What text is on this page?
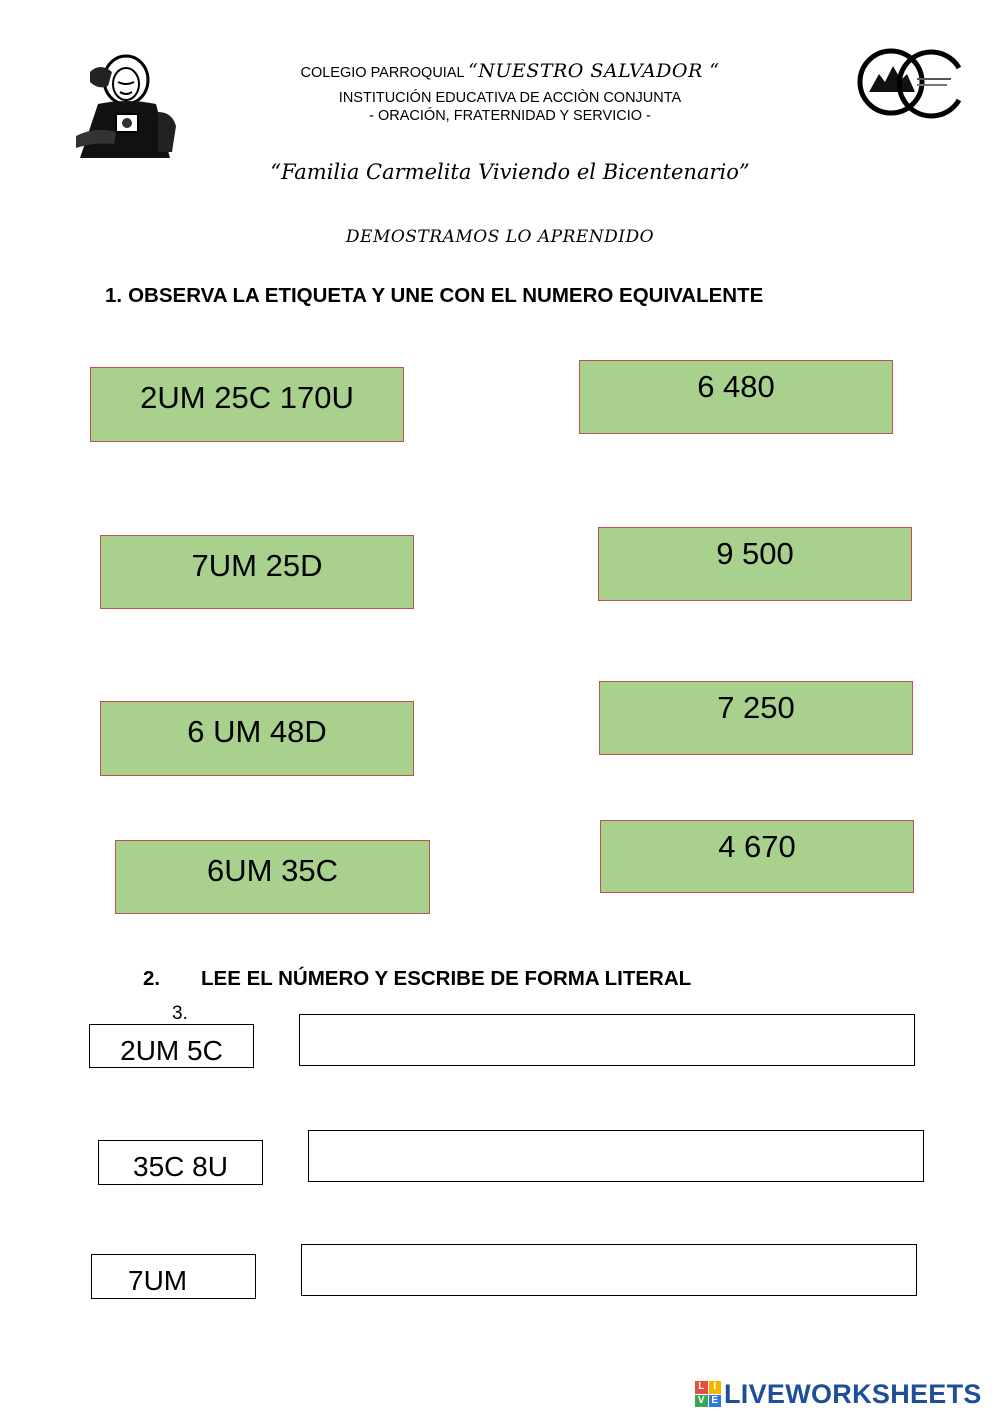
COLEGIO PARROQUIAL “NUESTRO SALVADOR “
INSTITUCIÓN EDUCATIVA DE ACCIÒN CONJUNTA
- ORACIÓN, FRATERNIDAD Y SERVICIO -
“Familia Carmelita Viviendo el Bicentenario”
DEMOSTRAMOS LO APRENDIDO
1. OBSERVA LA ETIQUETA Y UNE CON EL NUMERO EQUIVALENTE
2UM 25C 170U
7UM 25D
6 UM 48D
6UM 35C
6 480
9 500
7 250
4 670
2. LEE EL NÚMERO Y ESCRIBE DE FORMA LITERAL
3.
2UM 5C
35C 8U
7UM
L I
V E LIVEWORKSHEETS
